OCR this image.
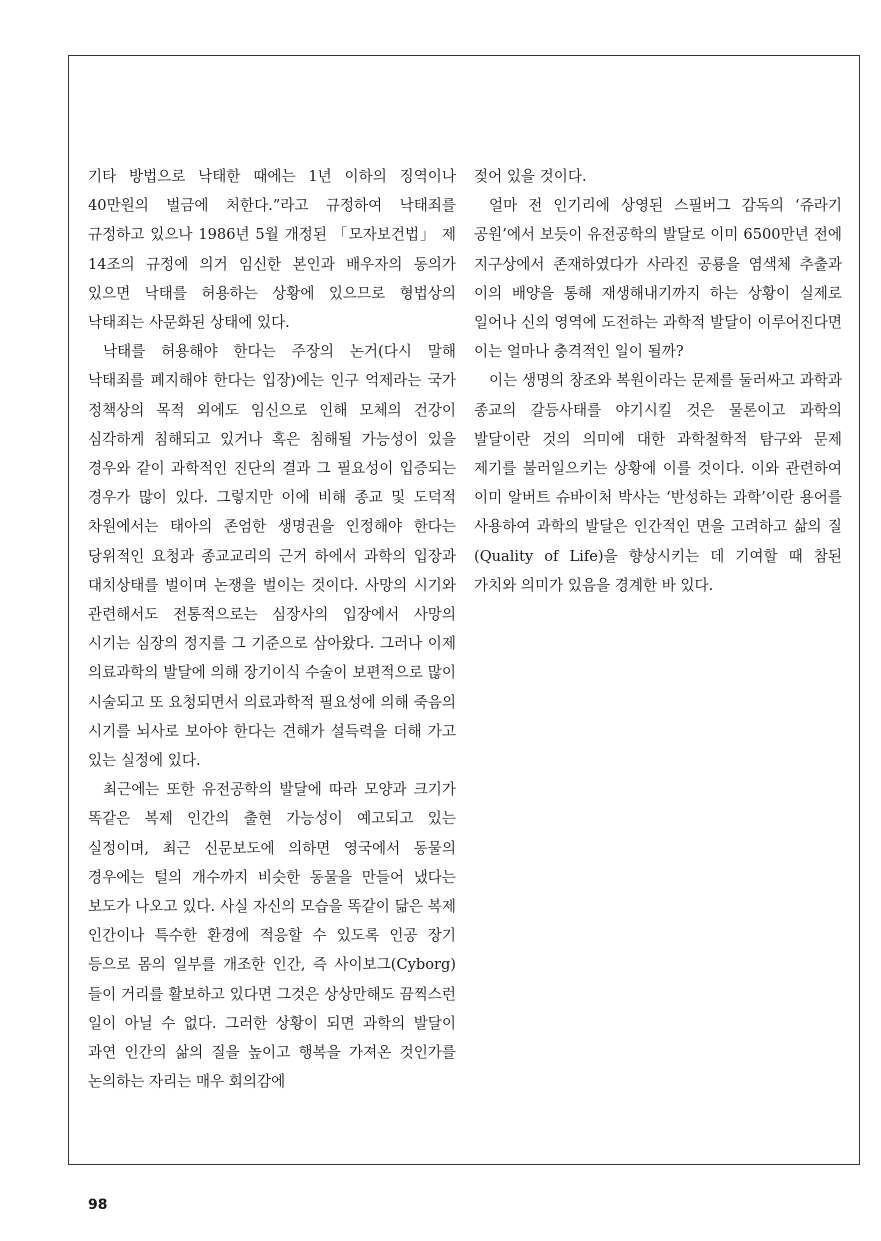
기타 방법으로 낙태한 때에는 1년 이하의 징역이나 40만원의 벌금에 처한다.”라고 규정하여 낙태죄를 규정하고 있으나 1986년 5월 개정된 「모자보건법」 제 14조의 규정에 의거 임신한 본인과 배우자의 동의가 있으면 낙태를 허용하는 상황에 있으므로 형법상의 낙태죄는 사문화된 상태에 있다.

낙태를 허용해야 한다는 주장의 논거(다시 말해 낙태죄를 폐지해야 한다는 입장)에는 인구 억제라는 국가 정책상의 목적 외에도 임신으로 인해 모체의 건강이 심각하게 침해되고 있거나 혹은 침해될 가능성이 있을 경우와 같이 과학적인 진단의 결과 그 필요성이 입증되는 경우가 많이 있다. 그렇지만 이에 비해 종교 및 도덕적 차원에서는 태아의 존엄한 생명권을 인정해야 한다는 당위적인 요청과 종교교리의 근거 하에서 과학의 입장과 대치상태를 벌이며 논쟁을 벌이는 것이다. 사망의 시기와 관련해서도 전통적으로는 심장사의 입장에서 사망의 시기는 심장의 정지를 그 기준으로 삼아왔다. 그러나 이제 의료과학의 발달에 의해 장기이식 수술이 보편적으로 많이 시술되고 또 요청되면서 의료과학적 필요성에 의해 죽음의 시기를 뇌사로 보아야 한다는 견해가 설득력을 더해 가고 있는 실정에 있다.

최근에는 또한 유전공학의 발달에 따라 모양과 크기가 똑같은 복제 인간의 출현 가능성이 예고되고 있는 실정이며, 최근 신문보도에 의하면 영국에서 동물의 경우에는 털의 개수까지 비슷한 동물을 만들어 냈다는 보도가 나오고 있다. 사실 자신의 모습을 똑같이 닮은 복제 인간이나 특수한 환경에 적응할 수 있도록 인공 장기 등으로 몸의 일부를 개조한 인간, 즉 사이보그(Cyborg)들이 거리를 활보하고 있다면 그것은 상상만해도 끔찍스런 일이 아닐 수 없다. 그러한 상황이 되면 과학의 발달이 과연 인간의 삶의 질을 높이고 행복을 가져온 것인가를 논의하는 자리는 매우 회의감에

젖어 있을 것이다.

얼마 전 인기리에 상영된 스필버그 감독의 ‘쥬라기 공원’에서 보듯이 유전공학의 발달로 이미 6500만년 전에 지구상에서 존재하였다가 사라진 공룡을 염색체 추출과 이의 배양을 통해 재생해내기까지 하는 상황이 실제로 일어나 신의 영역에 도전하는 과학적 발달이 이루어진다면 이는 얼마나 충격적인 일이 될까?

이는 생명의 창조와 복원이라는 문제를 둘러싸고 과학과 종교의 갈등사태를 야기시킬 것은 물론이고 과학의 발달이란 것의 의미에 대한 과학철학적 탐구와 문제 제기를 불러일으키는 상황에 이를 것이다. 이와 관련하여 이미 알버트 슈바이처 박사는 ‘반성하는 과학’이란 용어를 사용하여 과학의 발달은 인간적인 면을 고려하고 삶의 질(Quality of Life)을 향상시키는 데 기여할 때 참된 가치와 의미가 있음을 경계한 바 있다.

98
